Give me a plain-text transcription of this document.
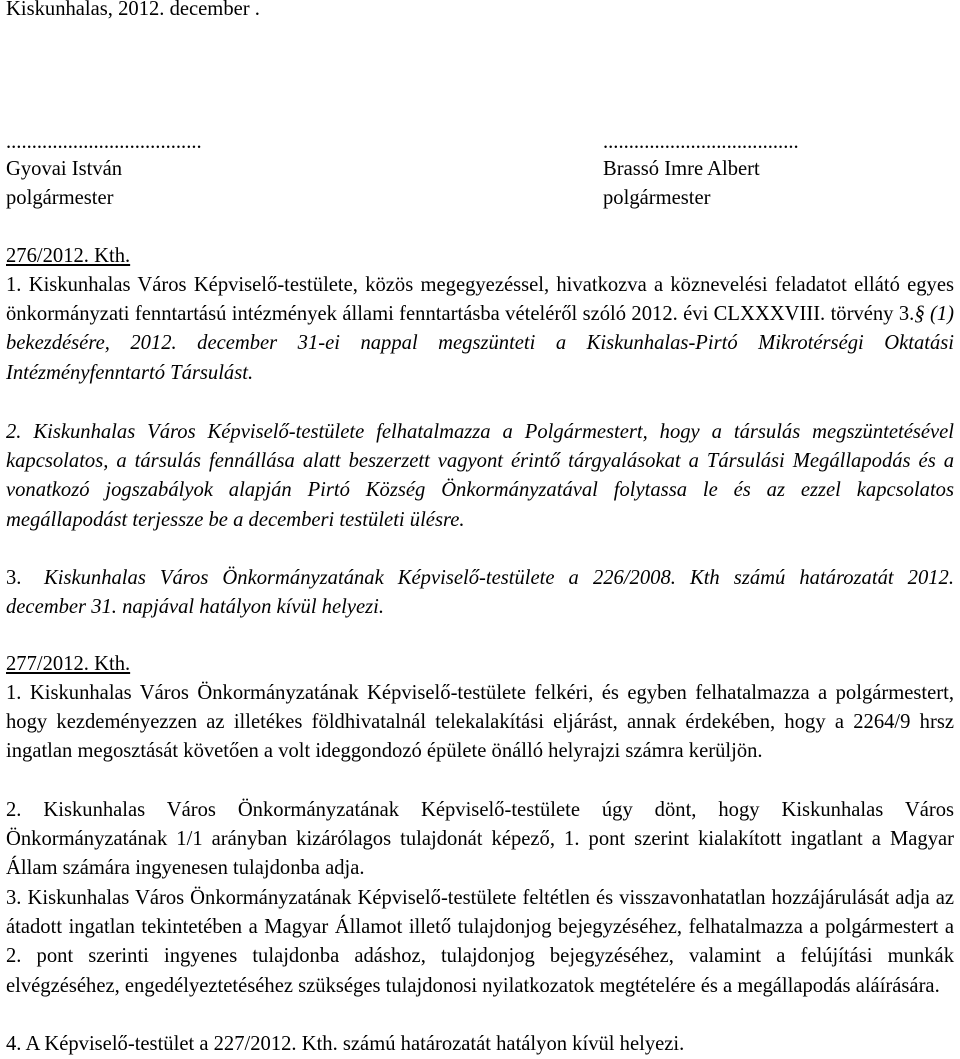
Kiskunhalas, 2012. december .
......................................	......................................
Gyovai István	Brassó Imre Albert
polgármester	polgármester
276/2012. Kth.
1. Kiskunhalas Város Képviselő-testülete, közös megegyezéssel, hivatkozva a köznevelési feladatot ellátó egyes önkormányzati fenntartású intézmények állami fenntartásba vételéről szóló 2012. évi CLXXXVIII. törvény 3.§ (1) bekezdésére, 2012. december 31-ei nappal megszünteti a Kiskunhalas-Pirtó Mikrotérségi Oktatási Intézményfenntartó Társulást.
2. Kiskunhalas Város Képviselő-testülete felhatalmazza a Polgármestert, hogy a társulás megszüntetésével kapcsolatos, a társulás fennállása alatt beszerzett vagyont érintő tárgyalásokat a Társulási Megállapodás és a vonatkozó jogszabályok alapján Pirtó Község Önkormányzatával folytassa le és az ezzel kapcsolatos megállapodást terjessze be a decemberi testületi ülésre.
3. Kiskunhalas Város Önkormányzatának Képviselő-testülete a 226/2008. Kth számú határozatát 2012. december 31. napjával hatályon kívül helyezi.
277/2012. Kth.
1. Kiskunhalas Város Önkormányzatának Képviselő-testülete felkéri, és egyben felhatalmazza a polgármestert, hogy kezdeményezzen az illetékes földhivatalnál telekalakítási eljárást, annak érdekében, hogy a 2264/9 hrsz ingatlan megosztását követően a volt ideggondozó épülete önálló helyrajzi számra kerüljön.
2. Kiskunhalas Város Önkormányzatának Képviselő-testülete úgy dönt, hogy Kiskunhalas Város Önkormányzatának 1/1 arányban kizárólagos tulajdonát képező, 1. pont szerint kialakított ingatlant a Magyar Állam számára ingyenesen tulajdonba adja.
3. Kiskunhalas Város Önkormányzatának Képviselő-testülete feltétlen és visszavonhatatlan hozzájárulását adja az átadott ingatlan tekintetében a Magyar Államot illető tulajdonjog bejegyzéséhez, felhatalmazza a polgármestert a 2. pont szerinti ingyenes tulajdonba adáshoz, tulajdonjog bejegyzéséhez, valamint a felújítási munkák elvégzéséhez, engedélyeztetéséhez szükséges tulajdonosi nyilatkozatok megtételére és a megállapodás aláírására.
4. A Képviselő-testület a 227/2012. Kth. számú határozatát hatályon kívül helyezi.
